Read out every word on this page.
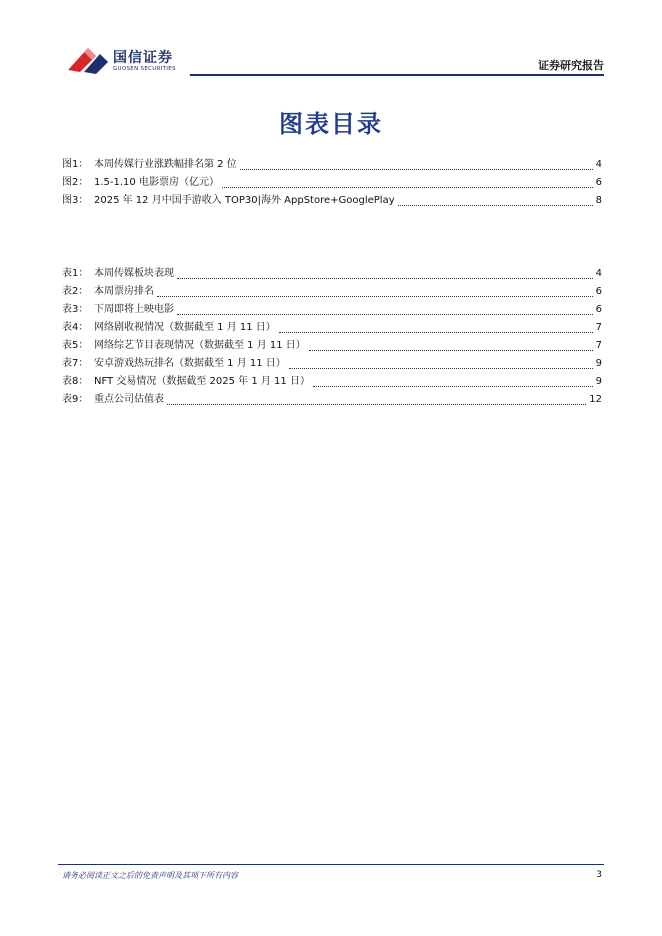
国信证券
GUOSEN SECURITIES	证券研究报告
图表目录
图1： 本周传媒行业涨跌幅排名第 2 位	4
图2： 1.5-1.10 电影票房（亿元）	6
图3： 2025 年 12 月中国手游收入 TOP30|海外 AppStore+GooglePlay	8
表1： 本周传媒板块表现	4
表2： 本周票房排名	6
表3： 下周即将上映电影	6
表4： 网络剧收视情况（数据截至 1 月 11 日）	7
表5： 网络综艺节目表现情况（数据截至 1 月 11 日）	7
表7： 安卓游戏热玩排名（数据截至 1 月 11 日）	9
表8： NFT 交易情况（数据截至 2025 年 1 月 11 日）	9
表9： 重点公司估值表	12
请务必阅读正文之后的免责声明及其项下所有内容	3
